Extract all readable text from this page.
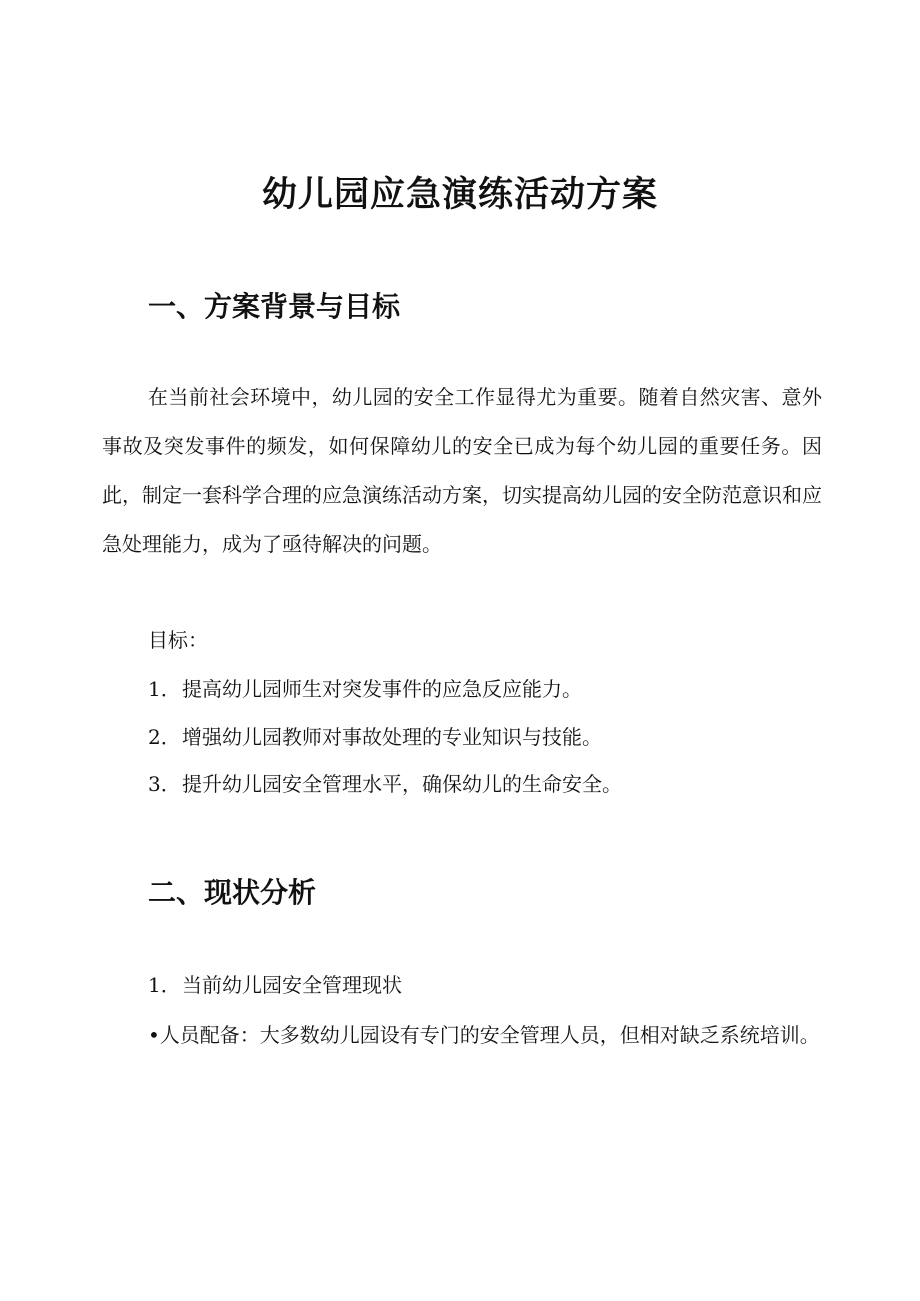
幼儿园应急演练活动方案
一、方案背景与目标

在当前社会环境中，幼儿园的安全工作显得尤为重要。随着自然灾害、意外事故及突发事件的频发，如何保障幼儿的安全已成为每个幼儿园的重要任务。因此，制定一套科学合理的应急演练活动方案，切实提高幼儿园的安全防范意识和应急处理能力，成为了亟待解决的问题。

目标：

1．提高幼儿园师生对突发事件的应急反应能力。

2．增强幼儿园教师对事故处理的专业知识与技能。

3．提升幼儿园安全管理水平，确保幼儿的生命安全。

二、现状分析

1．当前幼儿园安全管理现状

•人员配备：大多数幼儿园设有专门的安全管理人员，但相对缺乏系统培训。
